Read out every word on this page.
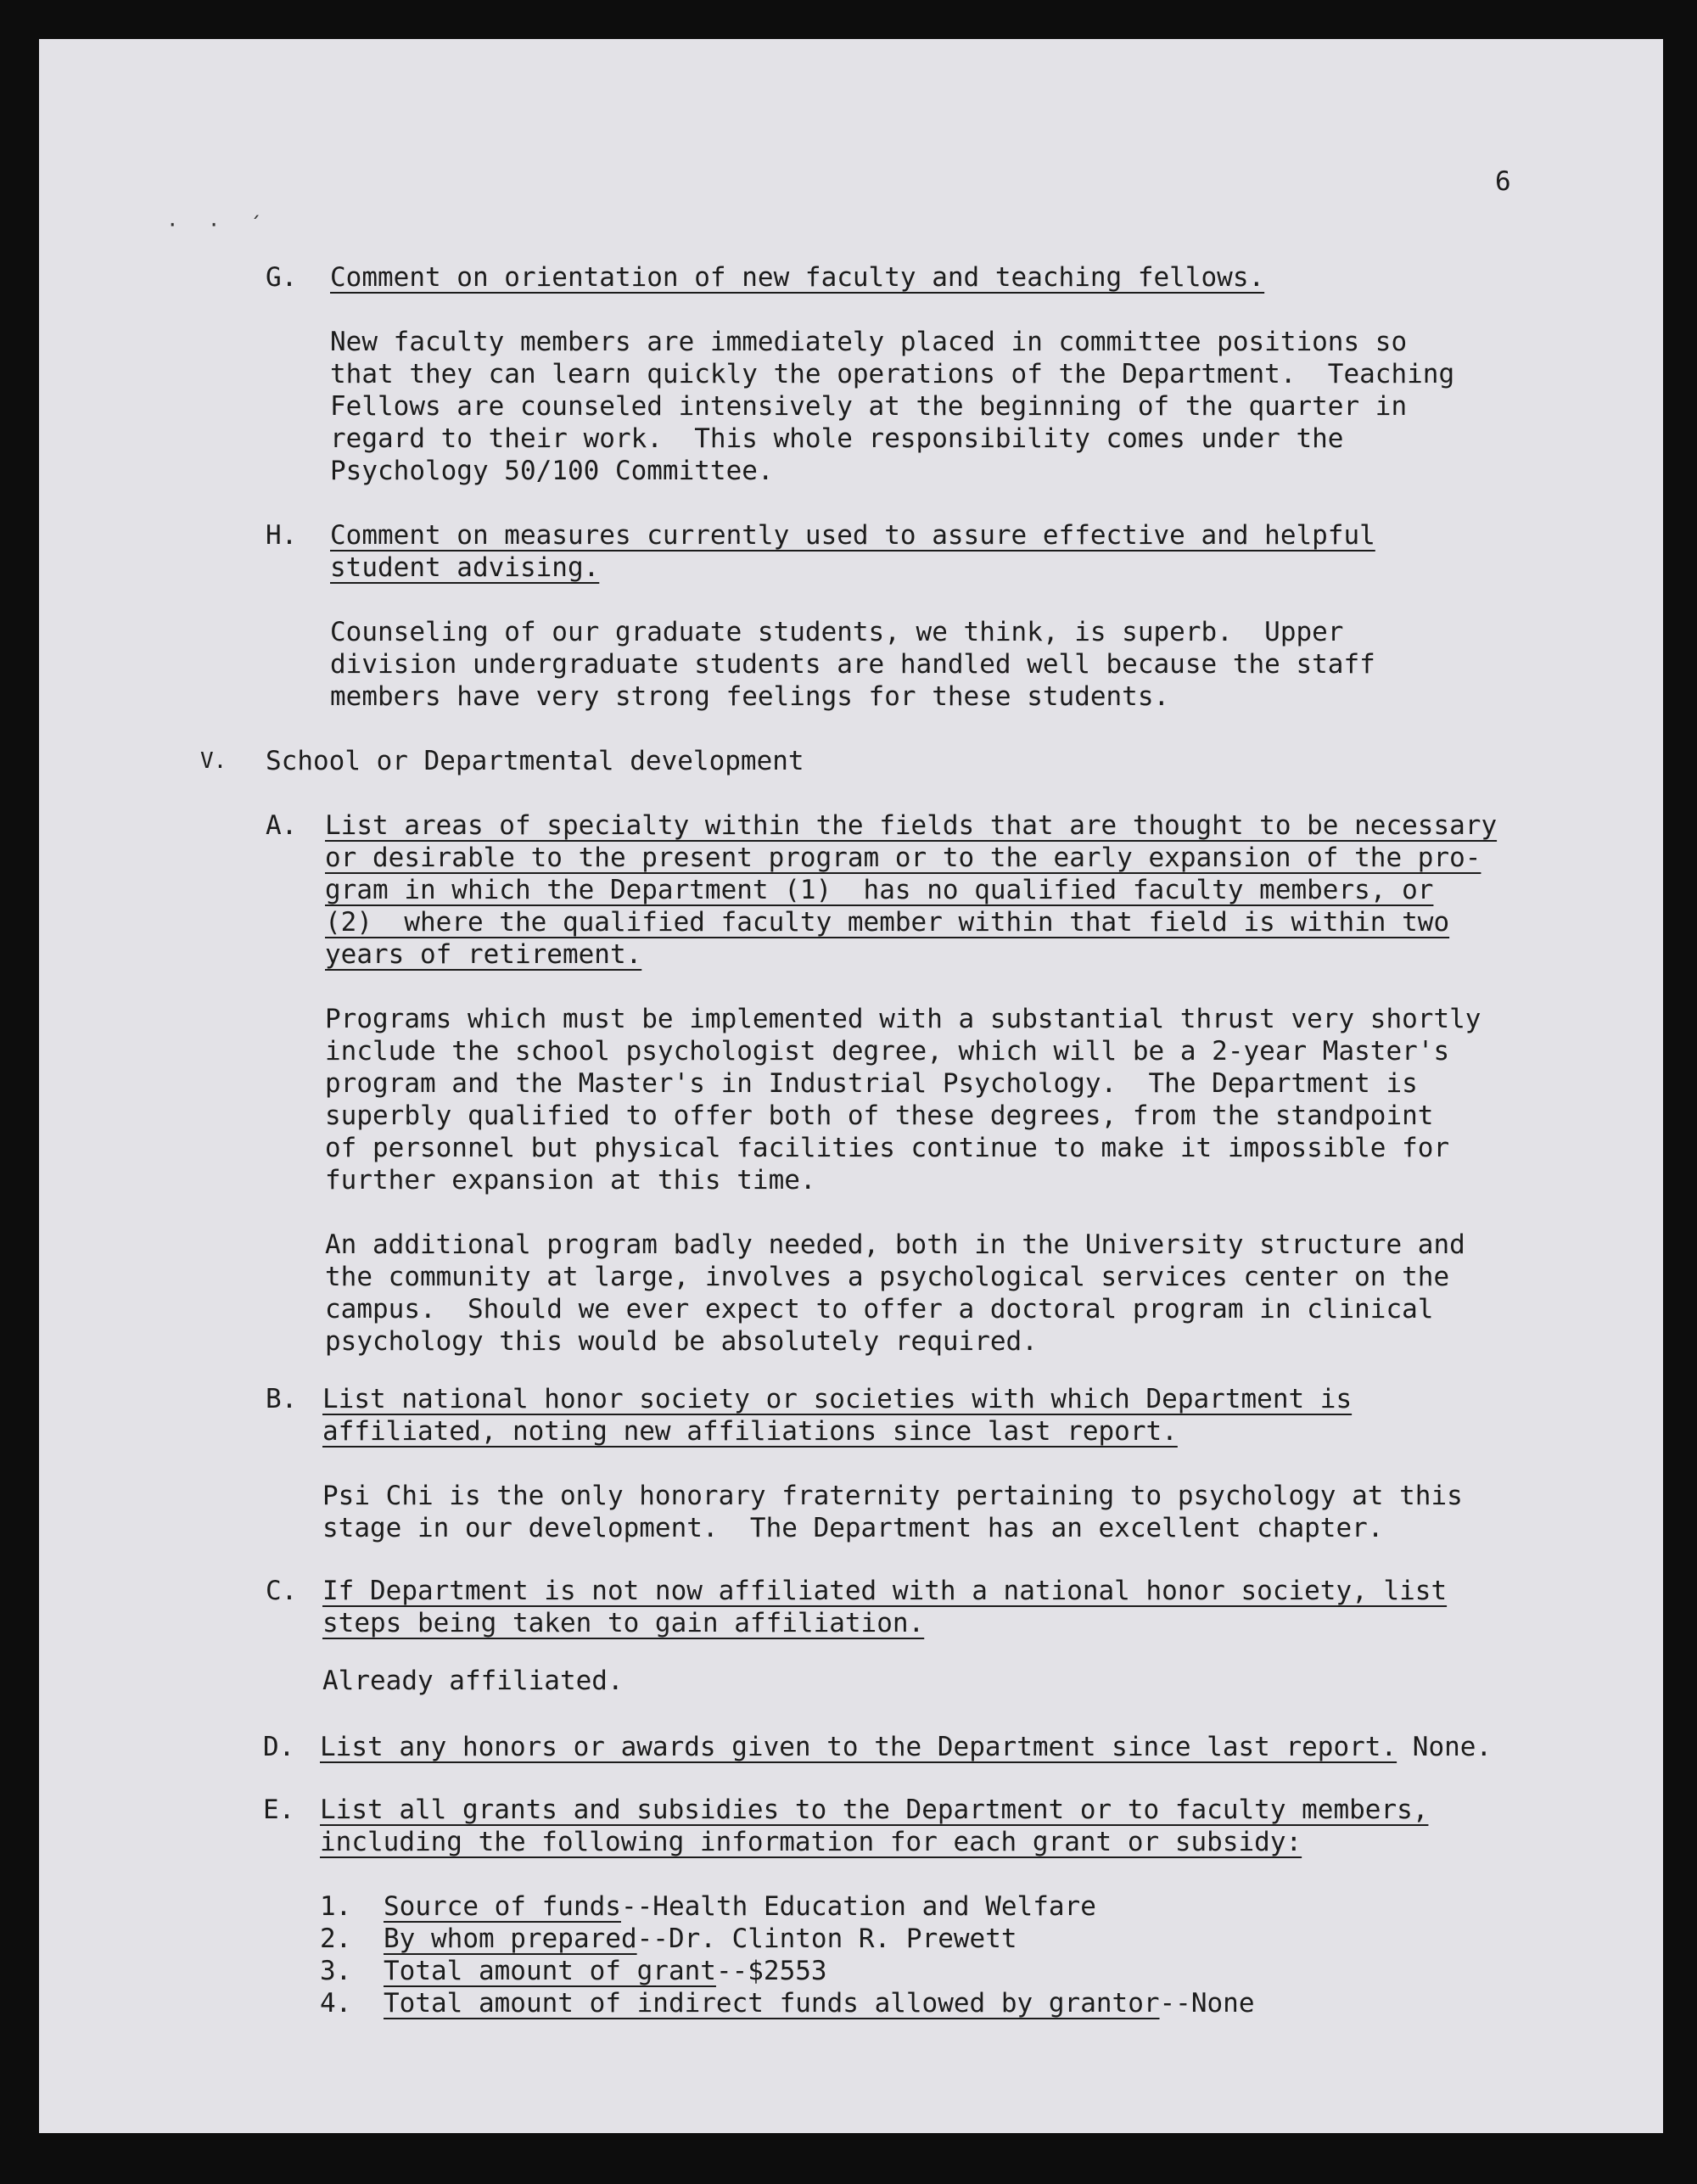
6
· · ´
G. Comment on orientation of new faculty and teaching fellows.
New faculty members are immediately placed in committee positions so
that they can learn quickly the operations of the Department.  Teaching
Fellows are counseled intensively at the beginning of the quarter in
regard to their work.  This whole responsibility comes under the
Psychology 50/100 Committee.
H. Comment on measures currently used to assure effective and helpful
student advising.
Counseling of our graduate students, we think, is superb.  Upper
division undergraduate students are handled well because the staff
members have very strong feelings for these students.
V. School or Departmental development
A. List areas of specialty within the fields that are thought to be necessary
or desirable to the present program or to the early expansion of the pro-
gram in which the Department (1)  has no qualified faculty members, or
(2)  where the qualified faculty member within that field is within two
years of retirement.
Programs which must be implemented with a substantial thrust very shortly
include the school psychologist degree, which will be a 2-year Master's
program and the Master's in Industrial Psychology.  The Department is
superbly qualified to offer both of these degrees, from the standpoint
of personnel but physical facilities continue to make it impossible for
further expansion at this time.
An additional program badly needed, both in the University structure and
the community at large, involves a psychological services center on the
campus.  Should we ever expect to offer a doctoral program in clinical
psychology this would be absolutely required.
B. List national honor society or societies with which Department is
affiliated, noting new affiliations since last report.
Psi Chi is the only honorary fraternity pertaining to psychology at this
stage in our development.  The Department has an excellent chapter.
C. If Department is not now affiliated with a national honor society, list
steps being taken to gain affiliation.
Already affiliated.
D. List any honors or awards given to the Department since last report. None.
E. List all grants and subsidies to the Department or to faculty members,
including the following information for each grant or subsidy:
1. Source of funds--Health Education and Welfare
2. By whom prepared--Dr. Clinton R. Prewett
3. Total amount of grant--$2553
4. Total amount of indirect funds allowed by grantor--None
